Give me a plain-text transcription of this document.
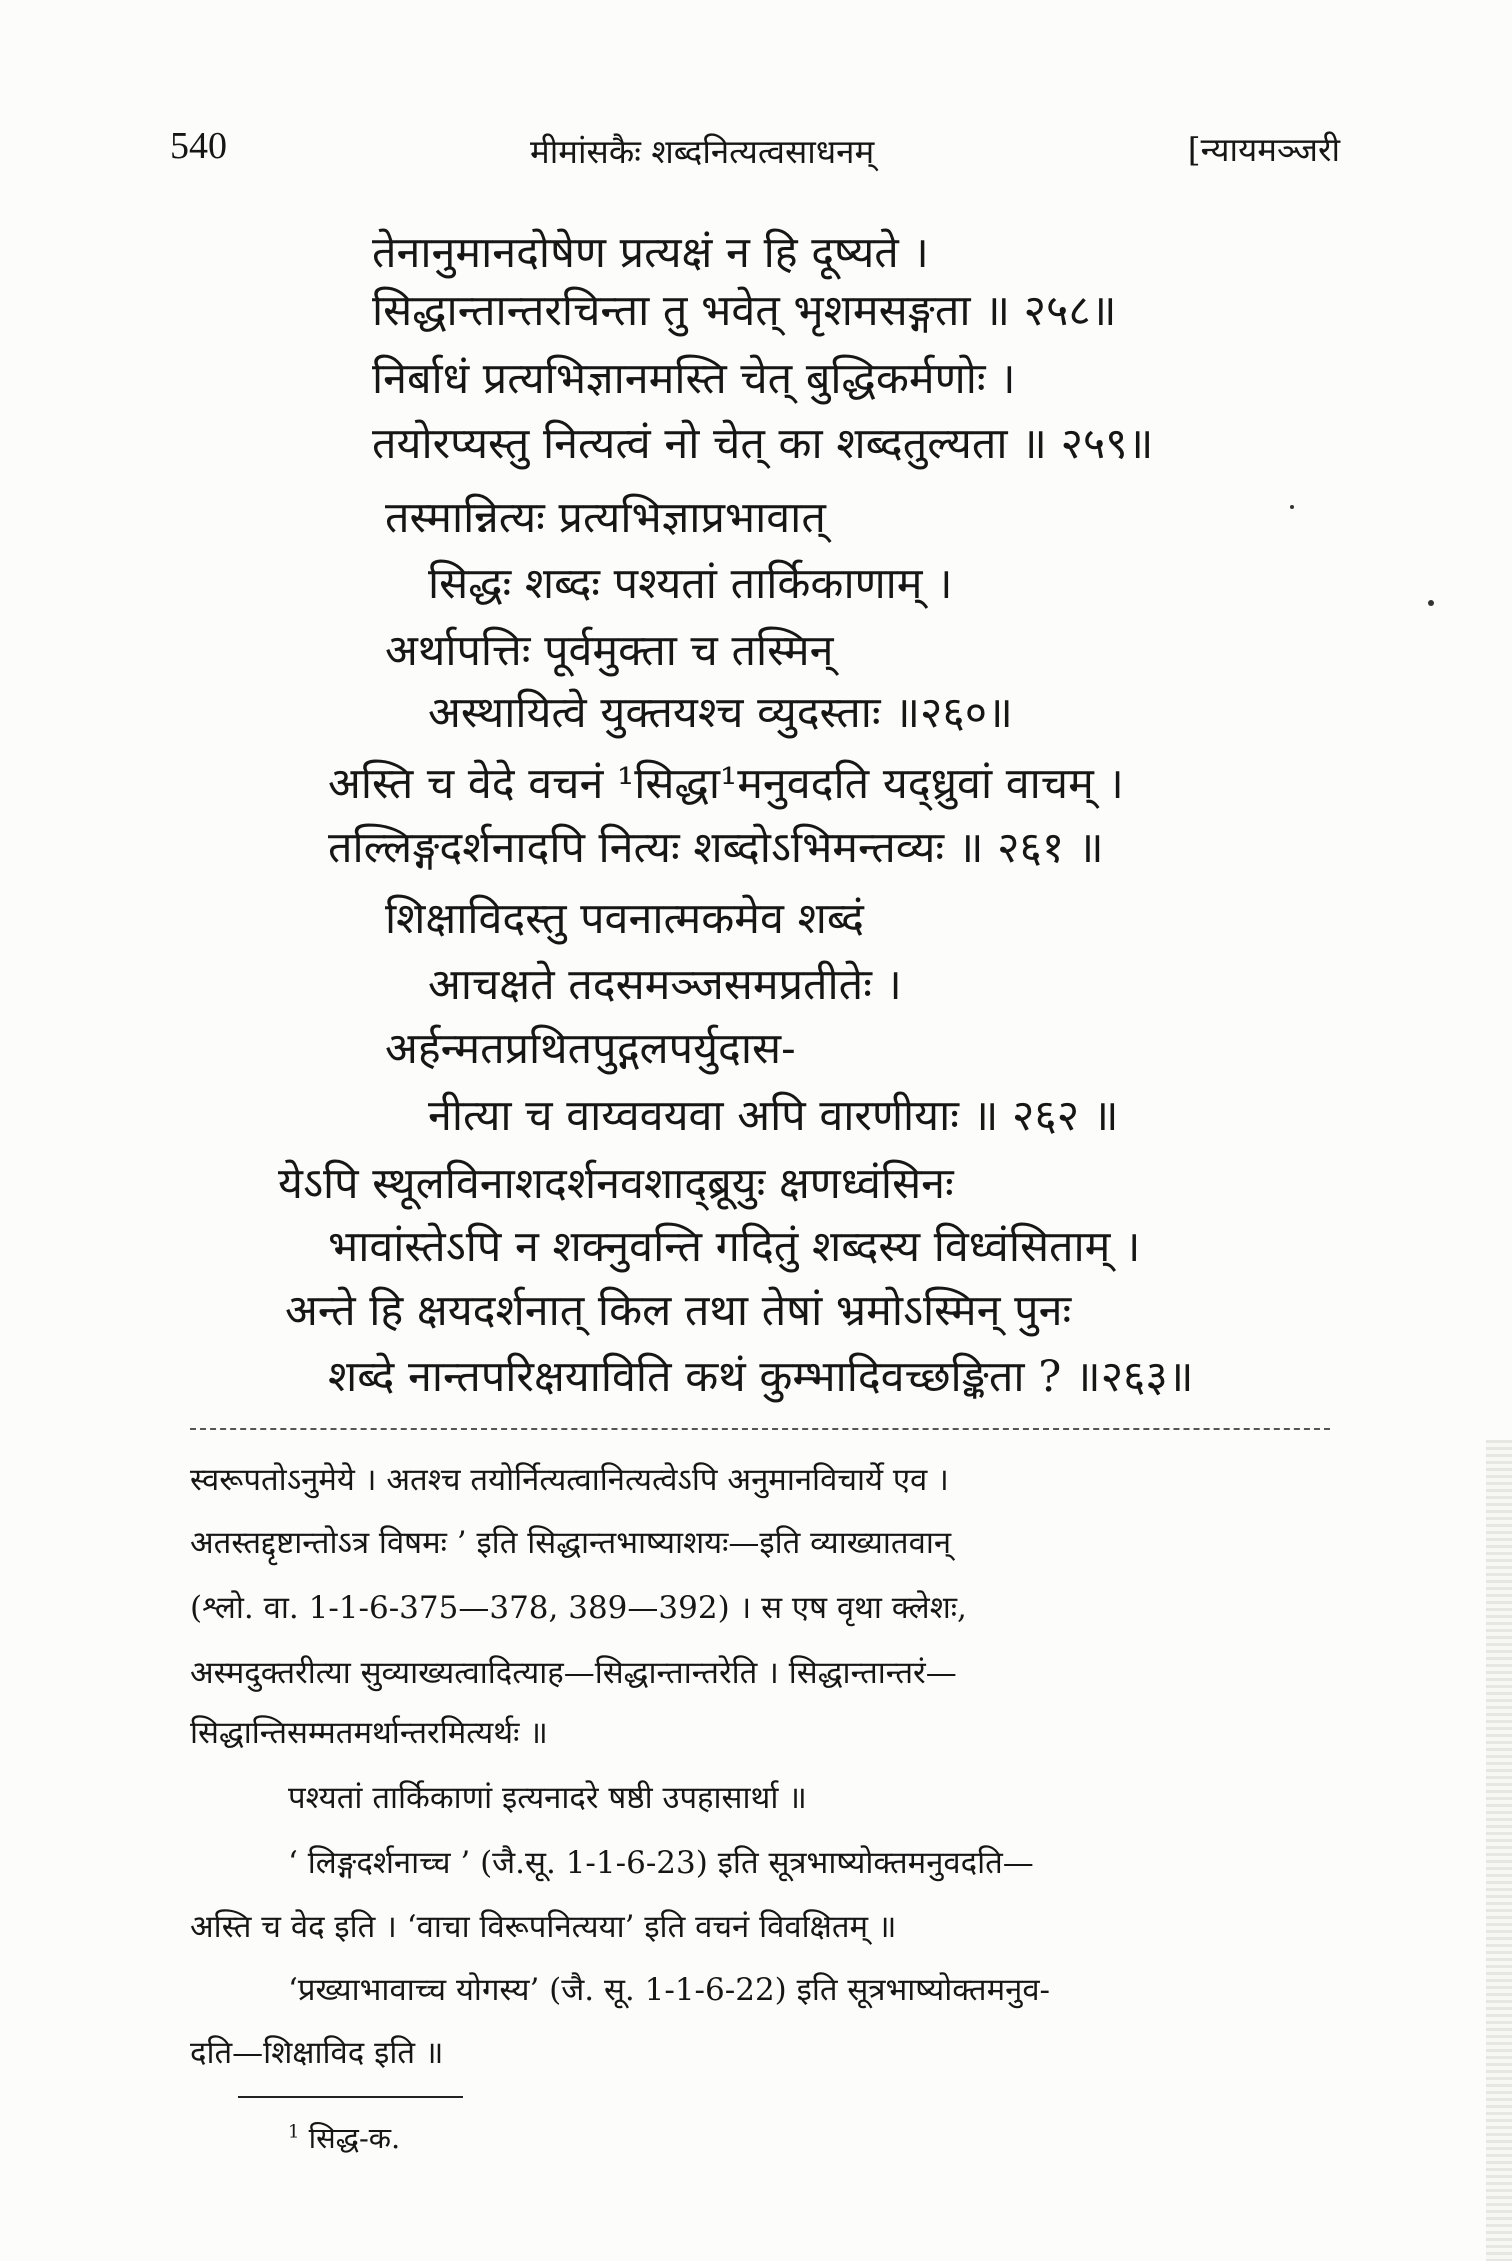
540	मीमांसकैः शब्दनित्यत्वसाधनम्	[न्यायमञ्जरी
तेनानुमानदोषेण प्रत्यक्षं न हि दूष्यते ।
सिद्धान्तान्तरचिन्ता तु भवेत् भृशमसङ्गता ॥ २५८॥
निर्बाधं प्रत्यभिज्ञानमस्ति चेत् बुद्धिकर्मणोः ।
तयोरप्यस्तु नित्यत्वं नो चेत् का शब्दतुल्यता ॥ २५९॥
तस्मान्नित्यः प्रत्यभिज्ञाप्रभावात्
सिद्धः शब्दः पश्यतां तार्किकाणाम् ।
अर्थापत्तिः पूर्वमुक्ता च तस्मिन्
अस्थायित्वे युक्तयश्च व्युदस्ताः ॥२६०॥
अस्ति च वेदे वचनं ¹सिद्धा¹मनुवदति यद्ध्रुवां वाचम् ।
तल्लिङ्गदर्शनादपि नित्यः शब्दोऽभिमन्तव्यः ॥ २६१ ॥
शिक्षाविदस्तु पवनात्मकमेव शब्दं
आचक्षते तदसमञ्जसमप्रतीतेः ।
अर्हन्मतप्रथितपुद्गलपर्युदास-
नीत्या च वाय्ववयवा अपि वारणीयाः ॥ २६२ ॥
येऽपि स्थूलविनाशदर्शनवशाद्ब्रूयुः क्षणध्वंसिनः
भावांस्तेऽपि न शक्नुवन्ति गदितुं शब्दस्य विध्वंसिताम् ।
अन्ते हि क्षयदर्शनात् किल तथा तेषां भ्रमोऽस्मिन् पुनः
शब्दे नान्तपरिक्षयाविति कथं कुम्भादिवच्छङ्किता ? ॥२६३॥
स्वरूपतोऽनुमेये । अतश्च तयोर्नित्यत्वानित्यत्वेऽपि अनुमानविचार्ये एव ।
अतस्तद्दृष्टान्तोऽत्र विषमः ’ इति सिद्धान्तभाष्याशयः—इति व्याख्यातवान्
(श्लो. वा. 1-1-6-375—378, 389—392) । स एष वृथा क्लेशः,
अस्मदुक्तरीत्या सुव्याख्यत्वादित्याह—सिद्धान्तान्तरेति । सिद्धान्तान्तरं—
सिद्धान्तिसम्मतमर्थान्तरमित्यर्थः ॥
पश्यतां तार्किकाणां इत्यनादरे षष्ठी उपहासार्था ॥
‘ लिङ्गदर्शनाच्च ’ (जै.सू. 1-1-6-23) इति सूत्रभाष्योक्तमनुवदति—
अस्ति च वेद इति । ‘वाचा विरूपनित्यया’ इति वचनं विवक्षितम् ॥
‘प्रख्याभावाच्च योगस्य’ (जै. सू. 1-1-6-22) इति सूत्रभाष्योक्तमनुव-
दति—शिक्षाविद इति ॥
$^1$ सिद्ध-क.
